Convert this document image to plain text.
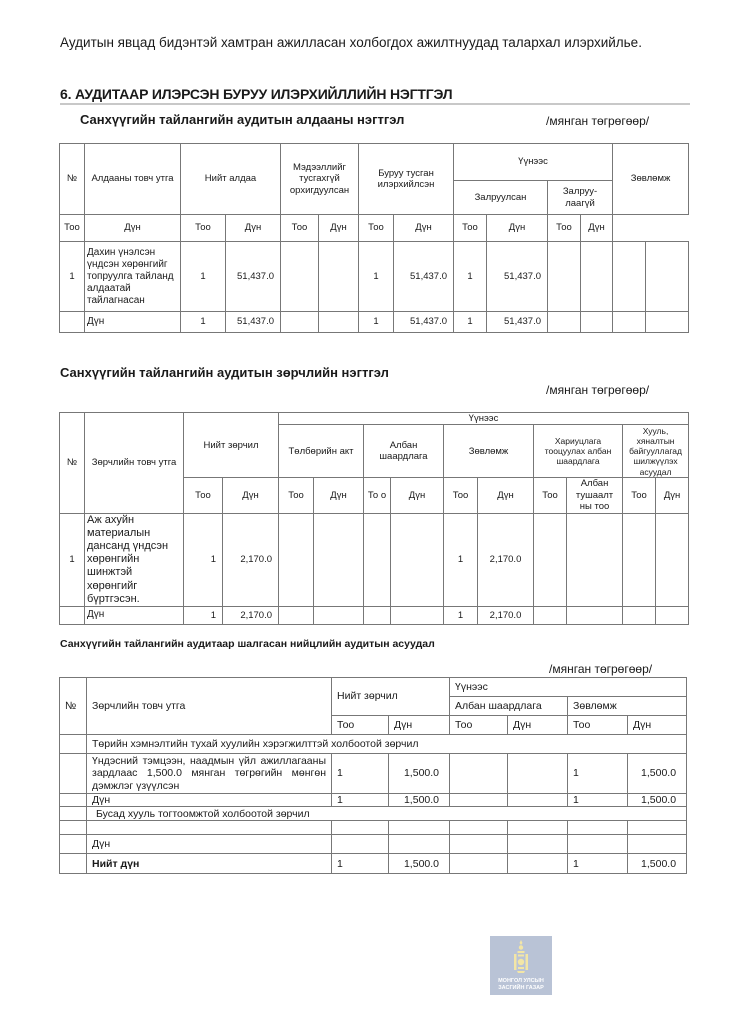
Аудитын явцад бидэнтэй хамтран ажилласан холбогдох ажилтнуудад талархал илэрхийлье.
6. АУДИТААР ИЛЭРСЭН БУРУУ ИЛЭРХИЙЛЛИЙН НЭГТГЭЛ
Санхүүгийн тайлангийн аудитын алдааны нэгтгэл	/мянган төгрөгөөр/
№	Алдааны товч утга	Нийт алдаа		Мэдээллийг тусгахгүй орхигдуулсан		Буруу тусган илэрхийлсэн		Үүнээс				Зөвлөмж	
								Залруулсан		Залруу-лаагүй			
Тоо	Дүн	Тоо	Дүн	Тоо	Дүн	Тоо	Дүн	Тоо	Дүн	Тоо	Дүн		
1	Дахин үнэлсэн үндсэн хөрөнгийг топруулга тайланд алдаатай тайлагнасан	1	51,437.0			1	51,437.0	1	51,437.0				
	Дүн	1	51,437.0			1	51,437.0	1	51,437.0				
Санхүүгийн тайлангийн аудитын зөрчлийн нэгтгэл
/мянган төгрөгөөр/
№	Зөрчлийн товч утга	Нийт зөрчил		Үүнээс									
				Төлбөрийн акт		Албан шаардлага		Зөвлөмж		Хариуцлага тооцуулах албан шаардлага		Хууль, хяналтын байгууллагад шилжүүлэх асуудал	
		Тоо	Дүн	Тоо	Дүн	То о	Дүн	Тоо	Дүн	Тоо	Албан тушаалт ны тоо	Тоо	Дүн
1	Аж ахуйн материалын дансанд үндсэн хөрөнгийн шинжтэй хөрөнгийг бүртгэсэн.	1	2,170.0					1	2,170.0				
	Дүн	1	2,170.0					1	2,170.0				
Санхүүгийн тайлангийн аудитаар шалгасан нийцлийн аудитын асуудал
/мянган төгрөгөөр/
№	Зөрчлийн товч утга	Нийт зөрчил		Үүнээс			
				Албан шаардлага		Зөвлөмж	
		Тоо	Дүн	Тоо	Дүн	Тоо	Дүн
	Төрийн хэмнэлтийн тухай хуулийн хэрэгжилттэй холбоотой зөрчил						
	Үндэсний тэмцээн, наадмын үйл ажиллагааны зардлаас 1,500.0 мянган төгрөгийн мөнгөн дэмжлэг үзүүлсэн	1	1,500.0			1	1,500.0
	Дүн	1	1,500.0			1	1,500.0
	Бусад хууль тогтоомжтой холбоотой зөрчил						

	Дүн						
	Нийт дүн	1	1,500.0			1	1,500.0
МОНГОЛ УЛСЫН
ЗАСГИЙН ГАЗАР
